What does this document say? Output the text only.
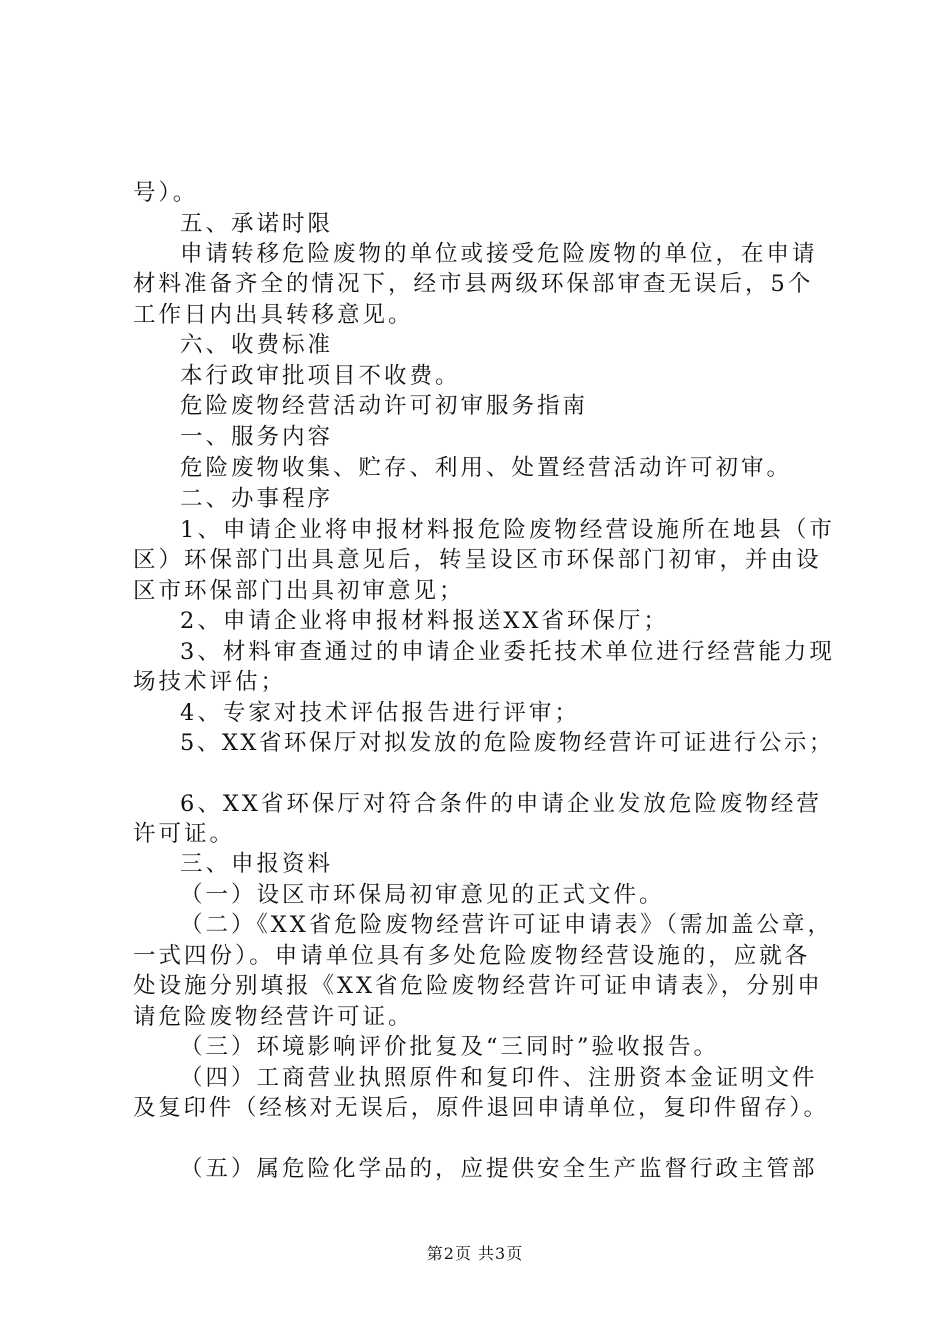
号）。
五、承诺时限
申请转移危险废物的单位或接受危险废物的单位，在申请
材料准备齐全的情况下，经市县两级环保部审查无误后，5个
工作日内出具转移意见。
六、收费标准
本行政审批项目不收费。
危险废物经营活动许可初审服务指南
一、服务内容
危险废物收集、贮存、利用、处置经营活动许可初审。
二、办事程序
1、申请企业将申报材料报危险废物经营设施所在地县（市
区）环保部门出具意见后，转呈设区市环保部门初审，并由设
区市环保部门出具初审意见；
2、申请企业将申报材料报送XX省环保厅；
3、材料审查通过的申请企业委托技术单位进行经营能力现
场技术评估；
4、专家对技术评估报告进行评审；
5、XX省环保厅对拟发放的危险废物经营许可证进行公示；
6、XX省环保厅对符合条件的申请企业发放危险废物经营
许可证。
三、申报资料
（一）设区市环保局初审意见的正式文件。
（二）《XX省危险废物经营许可证申请表》（需加盖公章，
一式四份）。申请单位具有多处危险废物经营设施的，应就各
处设施分别填报《XX省危险废物经营许可证申请表》，分别申
请危险废物经营许可证。
（三）环境影响评价批复及“三同时”验收报告。
（四）工商营业执照原件和复印件、注册资本金证明文件
及复印件（经核对无误后，原件退回申请单位，复印件留存）。
（五）属危险化学品的，应提供安全生产监督行政主管部
第2页 共3页
